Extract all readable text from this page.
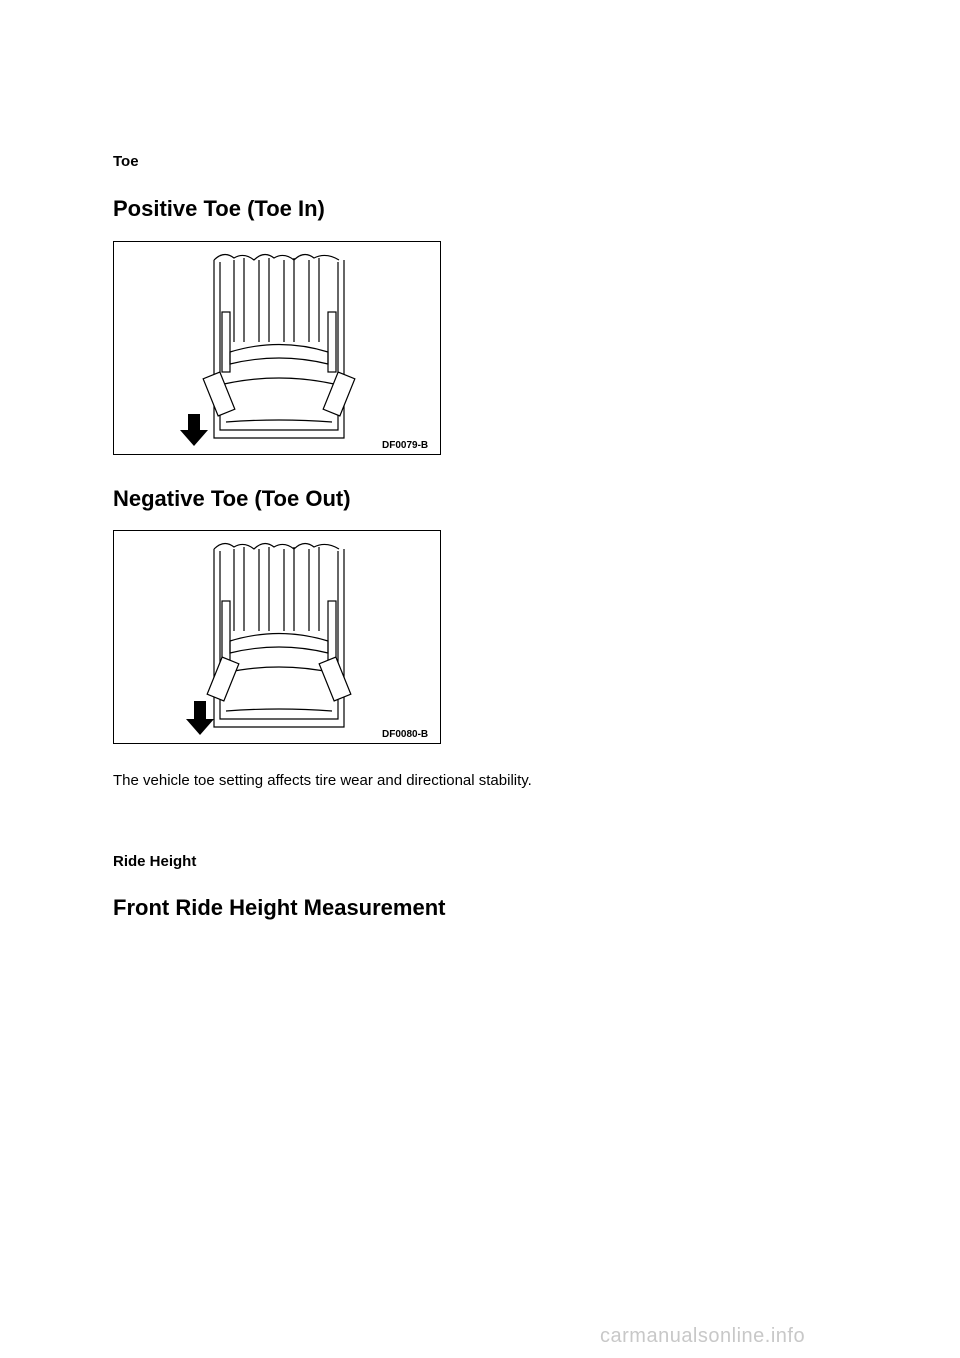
Toe
Positive Toe (Toe In)
DF0079-B
Negative Toe (Toe Out)
DF0080-B
The vehicle toe setting affects tire wear and directional stability.
Ride Height
Front Ride Height Measurement
carmanualsonline.info
